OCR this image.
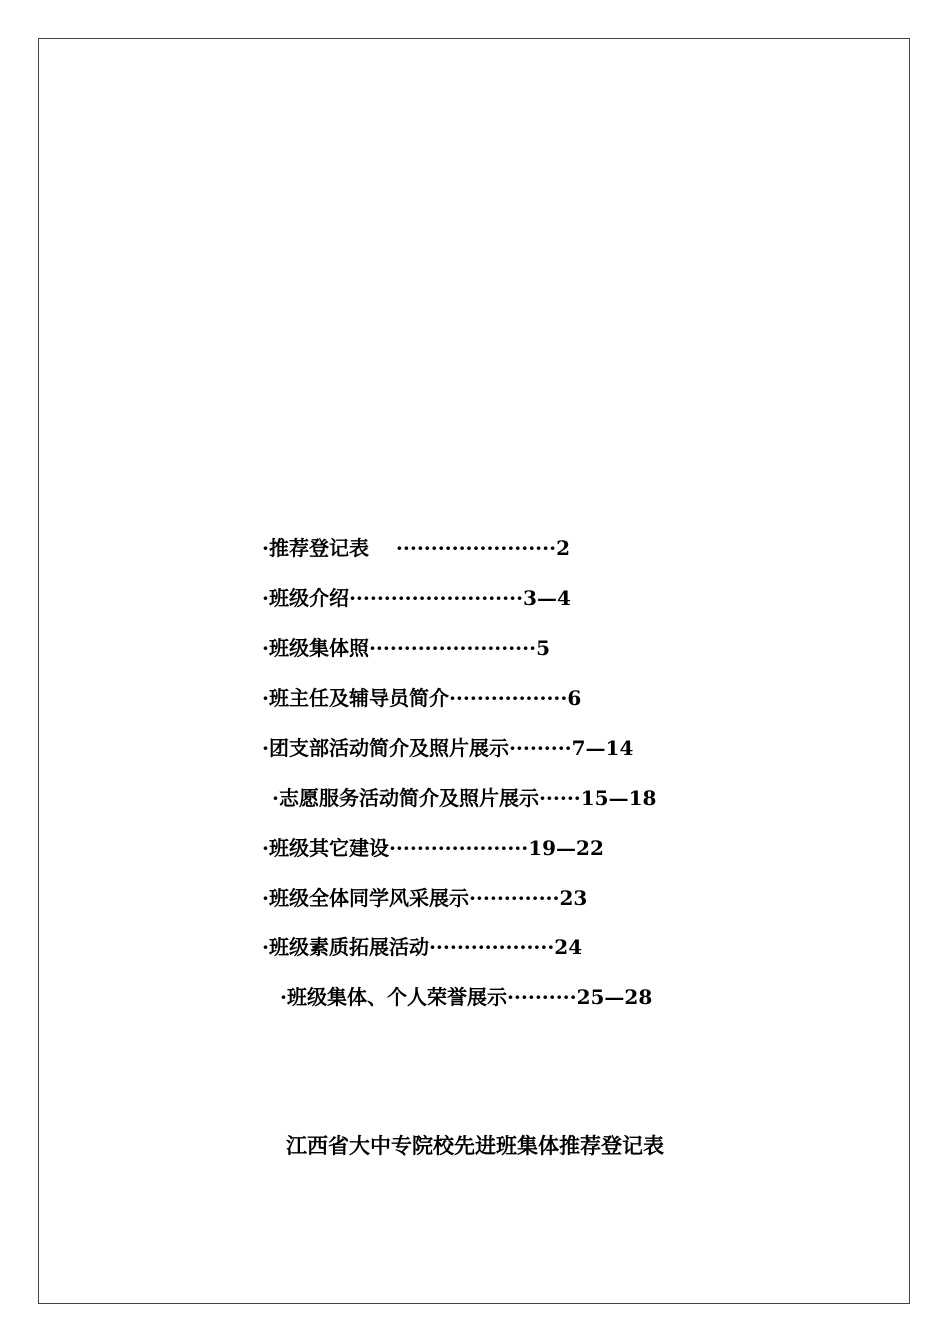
·推荐登记表　 ·······················2
·班级介绍·························3—4
·班级集体照························5
·班主任及辅导员简介·················6
·团支部活动简介及照片展示·········7—14
·志愿服务活动简介及照片展示······15—18
·班级其它建设····················19—22
·班级全体同学风采展示·············23
·班级素质拓展活动··················24
·班级集体、个人荣誉展示··········25—28
江西省大中专院校先进班集体推荐登记表
